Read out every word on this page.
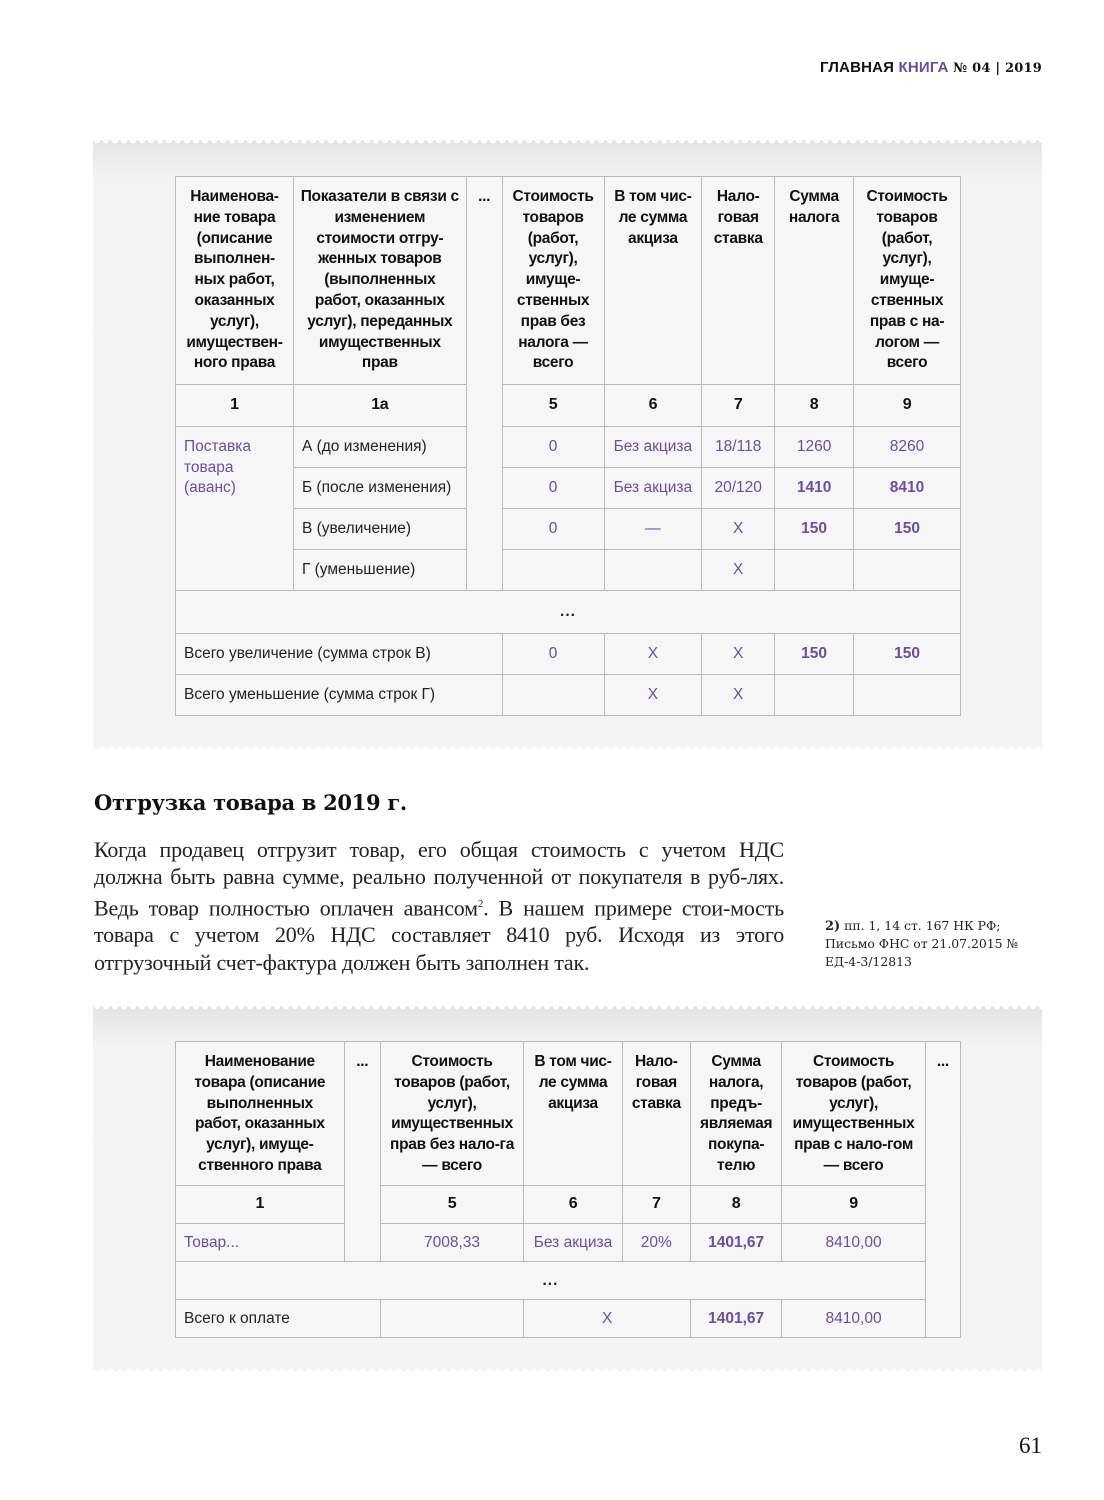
ГЛАВНАЯ КНИГА № 04 | 2019
Наименова-ние товара (описание выполнен-ных работ, оказанных услуг), имуществен-ного права	Показатели в связи с изменением стоимости отгру-женных товаров (выполненных работ, оказанных услуг), переданных имущественных прав	...	Стоимость товаров (работ, услуг), имуще-ственных прав без налога — всего	В том чис-ле сумма акциза	Нало-говая ставка	Сумма налога	Стоимость товаров (работ, услуг), имуще-ственных прав с на-логом — всего
1	1а		5	6	7	8	9
Поставка товара (аванс)	А (до изменения)		0	Без акциза	18/118	1260	8260
	Б (после изменения)		0	Без акциза	20/120	1410	8410
	В (увеличение)		0	—	Х	150	150
	Г (уменьшение)				Х		
...							
Всего увеличение (сумма строк В)			0	Х	Х	150	150
Всего уменьшение (сумма строк Г)				Х	Х		
Отгрузка товара в 2019 г.

Когда продавец отгрузит товар, его общая стоимость с учетом НДС должна быть равна сумме, реально полученной от покупателя в руб-лях. Ведь товар полностью оплачен авансом$^2$. В нашем примере стои-мость товара с учетом 20% НДС составляет 8410 руб. Исходя из этого отгрузочный счет-фактура должен быть заполнен так.

2) пп. 1, 14 ст. 167 НК РФ; Письмо ФНС от 21.07.2015 № ЕД-4-3/12813
Наименование товара (описание выполненных работ, оказанных услуг), имуще-ственного права	...	Стоимость товаров (работ, услуг), имущественных прав без нало-га — всего	В том чис-ле сумма акциза	Нало-говая ставка	Сумма налога, предъ-являемая покупа-телю	Стоимость товаров (работ, услуг), имущественных прав с нало-гом — всего	...
1		5	6	7	8	9	
Товар...		7008,33	Без акциза	20%	1401,67	8410,00	
...							
Всего к оплате			Х		1401,67	8410,00	
61
